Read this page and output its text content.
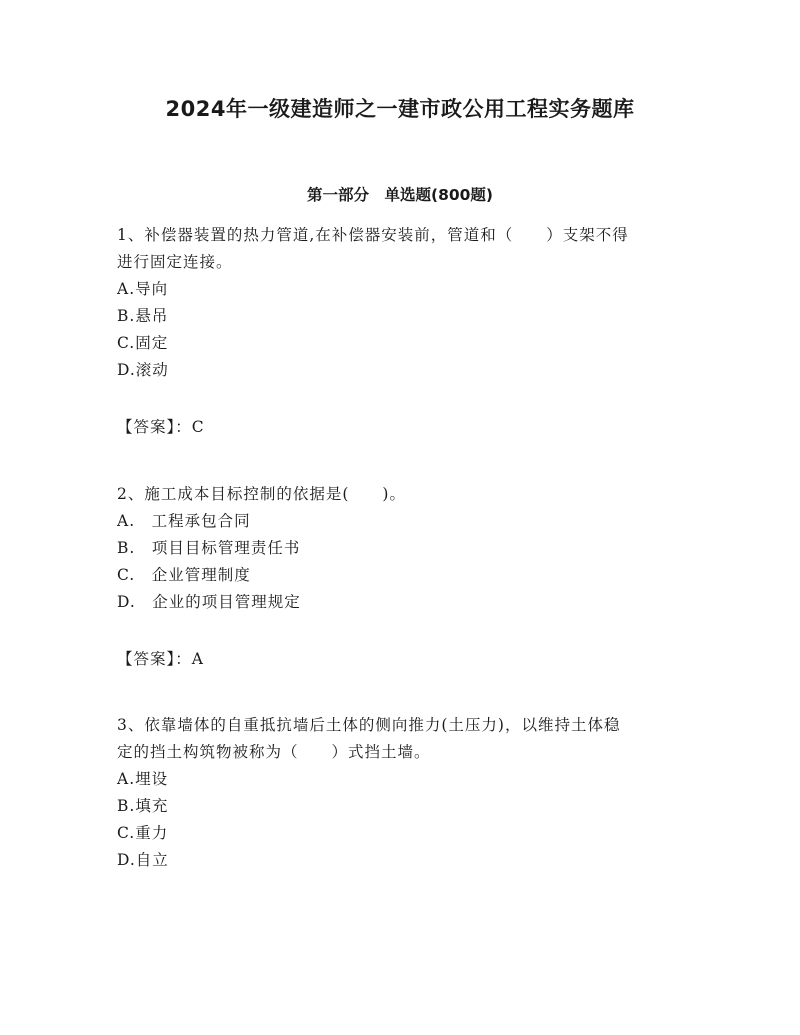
2024年一级建造师之一建市政公用工程实务题库
第一部分　单选题(800题)
1、补偿器装置的热力管道,在补偿器安装前，管道和（　　）支架不得
进行固定连接。
A.导向
B.悬吊
C.固定
D.滚动
【答案】：C
2、施工成本目标控制的依据是(　　)。
A.　工程承包合同
B.　项目目标管理责任书
C.　企业管理制度
D.　企业的项目管理规定
【答案】：A
3、依靠墙体的自重抵抗墙后土体的侧向推力(土压力)，以维持土体稳
定的挡土构筑物被称为（　　）式挡土墙。
A.埋设
B.填充
C.重力
D.自立
